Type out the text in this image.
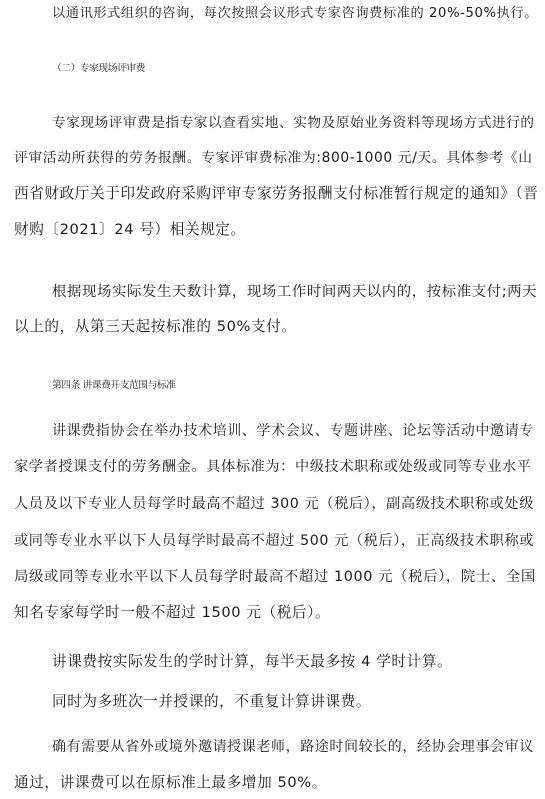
以通讯形式组织的咨询，每次按照会议形式专家咨询费标准的 20%-50%执行。
（二）专家现场评审费
专家现场评审费是指专家以查看实地、实物及原始业务资料等现场方式进行的
评审活动所获得的劳务报酬。专家评审费标准为:800-1000 元/天。具体参考《山
西省财政厅关于印发政府采购评审专家劳务报酬支付标准暂行规定的通知》（晋
财购〔2021〕24 号）相关规定。
根据现场实际发生天数计算，现场工作时间两天以内的，按标准支付;两天
以上的，从第三天起按标准的 50%支付。
第四条 讲课费开支范围与标准
讲课费指协会在举办技术培训、学术会议、专题讲座、论坛等活动中邀请专
家学者授课支付的劳务酬金。具体标准为：中级技术职称或处级或同等专业水平
人员及以下专业人员每学时最高不超过 300 元（税后），副高级技术职称或处级
或同等专业水平以下人员每学时最高不超过 500 元（税后），正高级技术职称或
局级或同等专业水平以下人员每学时最高不超过 1000 元（税后），院士、全国
知名专家每学时一般不超过 1500 元（税后）。
讲课费按实际发生的学时计算，每半天最多按 4 学时计算。
同时为多班次一并授课的，不重复计算讲课费。
确有需要从省外或境外邀请授课老师，路途时间较长的，经协会理事会审议
通过，讲课费可以在原标准上最多增加 50%。
